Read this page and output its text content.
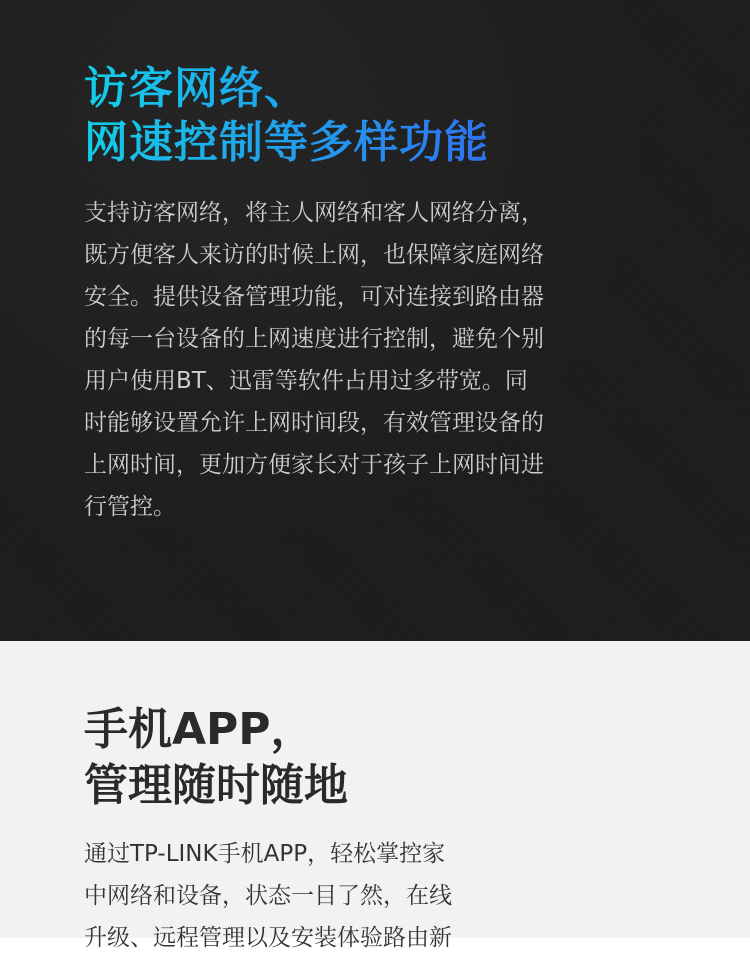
访客网络、
网速控制等多样功能

支持访客网络，将主人网络和客人网络分离，
既方便客人来访的时候上网，也保障家庭网络
安全。提供设备管理功能，可对连接到路由器
的每一台设备的上网速度进行控制，避免个别
用户使用BT、迅雷等软件占用过多带宽。同
时能够设置允许上网时间段，有效管理设备的
上网时间，更加方便家长对于孩子上网时间进
行管控。

手机APP，
管理随时随地

通过TP-LINK手机APP，轻松掌控家
中网络和设备，状态一目了然，在线
升级、远程管理以及安装体验路由新
